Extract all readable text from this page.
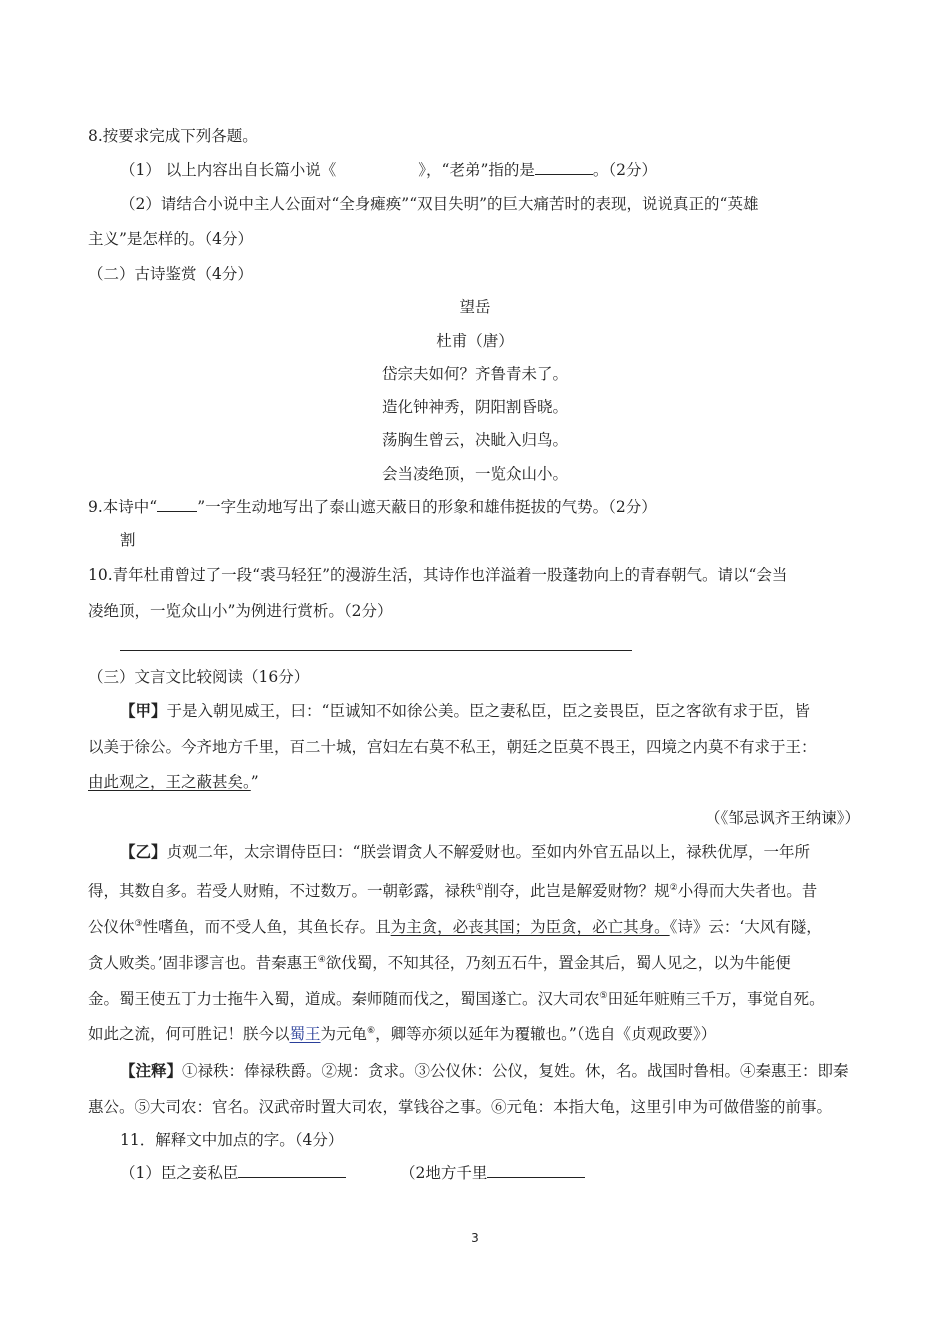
8.按要求完成下列各题。
（1） 以上内容出自长篇小说《	》，“老弟”指的是	。（2分）
（2）请结合小说中主人公面对“全身瘫痪”“双目失明”的巨大痛苦时的表现，说说真正的“英雄
主义”是怎样的。（4分）
（二）古诗鉴赏（4分）
望岳
杜甫（唐）
岱宗夫如何？齐鲁青未了。
造化钟神秀，阴阳割昏晓。
荡胸生曾云，决眦入归鸟。
会当凌绝顶，一览众山小。
9.本诗中“	”一字生动地写出了泰山遮天蔽日的形象和雄伟挺拔的气势。（2分）
割
10.青年杜甫曾过了一段“裘马轻狂”的漫游生活，其诗作也洋溢着一股蓬勃向上的青春朝气。请以“会当
凌绝顶，一览众山小”为例进行赏析。（2分）
（三）文言文比较阅读（16分）
【甲】于是入朝见威王，曰：“臣诚知不如徐公美。臣之妻私臣，臣之妾畏臣，臣之客欲有求于臣，皆
以美于徐公。今齐地方千里，百二十城，宫妇左右莫不私王，朝廷之臣莫不畏王，四境之内莫不有求于王：
由此观之，王之蔽甚矣。”
（《邹忌讽齐王纳谏》）
【乙】贞观二年，太宗谓侍臣曰：“朕尝谓贪人不解爱财也。至如内外官五品以上，禄秩优厚，一年所
得，其数自多。若受人财贿，不过数万。一朝彰露，禄秩①削夺，此岂是解爱财物？规②小得而大失者也。昔
公仪休③性嗜鱼，而不受人鱼，其鱼长存。且为主贪，必丧其国；为臣贪，必亡其身。《诗》云：‘大风有隧，
贪人败类。’固非谬言也。昔秦惠王④欲伐蜀，不知其径，乃刻五石牛，置金其后，蜀人见之，以为牛能便
金。蜀王使五丁力士拖牛入蜀，道成。秦师随而伐之，蜀国遂亡。汉大司农⑤田延年赃贿三千万，事觉自死。
如此之流，何可胜记！朕今以蜀王为元龟⑥，卿等亦须以延年为覆辙也。”（选自《贞观政要》）
【注释】①禄秩：俸禄秩爵。②规：贪求。③公仪休：公仪，复姓。休，名。战国时鲁相。④秦惠王：即秦
惠公。⑤大司农：官名。汉武帝时置大司农，掌钱谷之事。⑥元龟：本指大龟，这里引申为可做借鉴的前事。
11．解释文中加点的字。（4分）
（1）臣之妾私臣	（2地方千里
3
